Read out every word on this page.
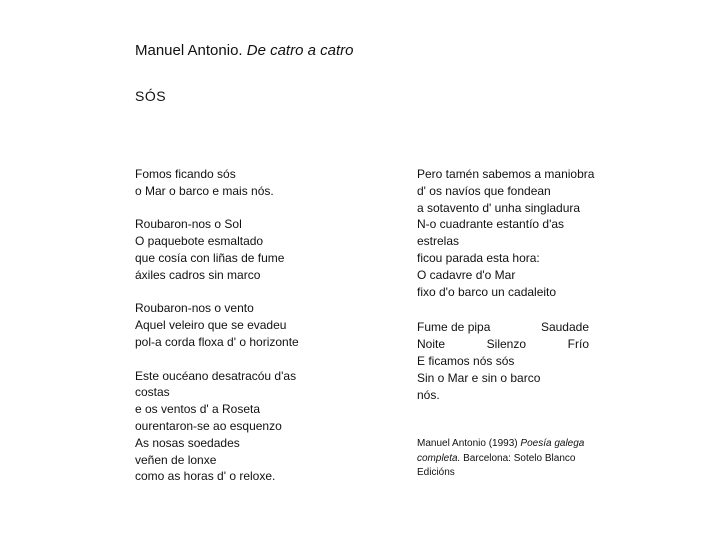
Manuel Antonio. De catro a catro
SÓS
Fomos ficando sós
o Mar o barco e mais nós.
Roubaron-nos o Sol
O paquebote esmaltado
que cosía con liñas de fume
áxiles cadros sin marco
Roubaron-nos o vento
Aquel veleiro que se evadeu
pol-a corda floxa d' o horizonte
Este oucéano desatracóu d'as
costas
e os ventos d' a Roseta
ourentaron-se ao esquenzo
As nosas soedades
veñen de lonxe
como as horas d' o reloxe.
Pero tamén sabemos a maniobra
d' os navíos que fondean
a sotavento d' unha singladura
N-o cuadrante estantío d'as
estrelas
ficou parada esta hora:
O cadavre d'o Mar
fixo d'o barco un cadaleito
Fume de pipa	Saudade
Noite	Silenzo	Frío
E ficamos nós sós
Sin o Mar e sin o barco
nós.
Manuel Antonio (1993) Poesía galega completa. Barcelona: Sotelo Blanco Edicións
